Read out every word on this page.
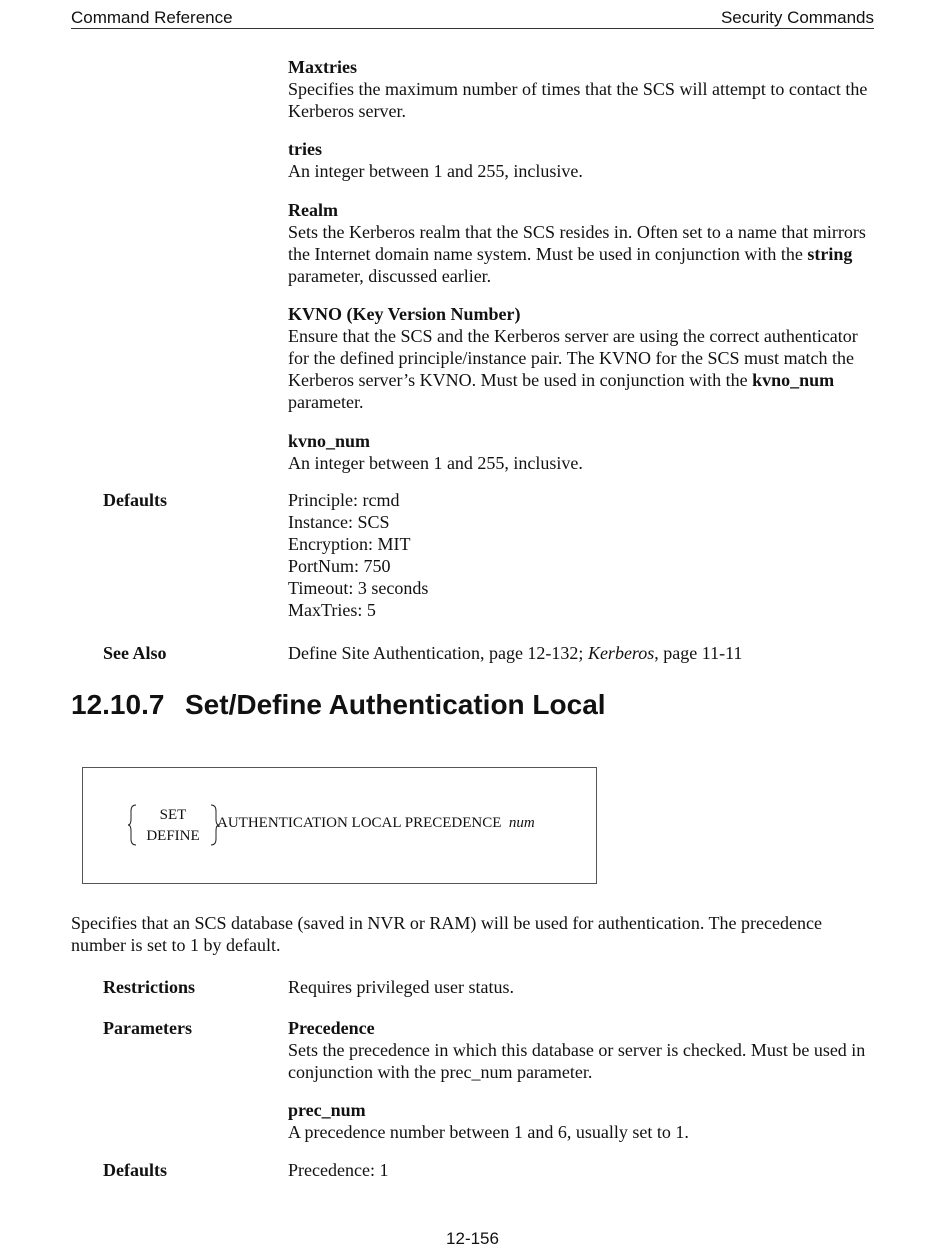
Command Reference	Security Commands

Maxtries
Specifies the maximum number of times that the SCS will attempt to contact the Kerberos server.

tries
An integer between 1 and 255, inclusive.

Realm
Sets the Kerberos realm that the SCS resides in. Often set to a name that mirrors the Internet domain name system. Must be used in conjunction with the string parameter, discussed earlier.

KVNO (Key Version Number)
Ensure that the SCS and the Kerberos server are using the correct authenticator for the defined principle/instance pair. The KVNO for the SCS must match the Kerberos server’s KVNO. Must be used in conjunction with the kvno_num parameter.

kvno_num
An integer between 1 and 255, inclusive.

Defaults	Principle: rcmd
Instance: SCS
Encryption: MIT
PortNum: 750
Timeout: 3 seconds
MaxTries: 5

See Also	Define Site Authentication, page 12-132; Kerberos, page 11-11

12.10.7 Set/Define Authentication Local
SET
DEFINE
AUTHENTICATION LOCAL PRECEDENCE num

Specifies that an SCS database (saved in NVR or RAM) will be used for authentication. The precedence number is set to 1 by default.

Restrictions	Requires privileged user status.

Parameters	Precedence
Sets the precedence in which this database or server is checked. Must be used in conjunction with the prec_num parameter.

prec_num
A precedence number between 1 and 6, usually set to 1.

Defaults	Precedence: 1

12-156
